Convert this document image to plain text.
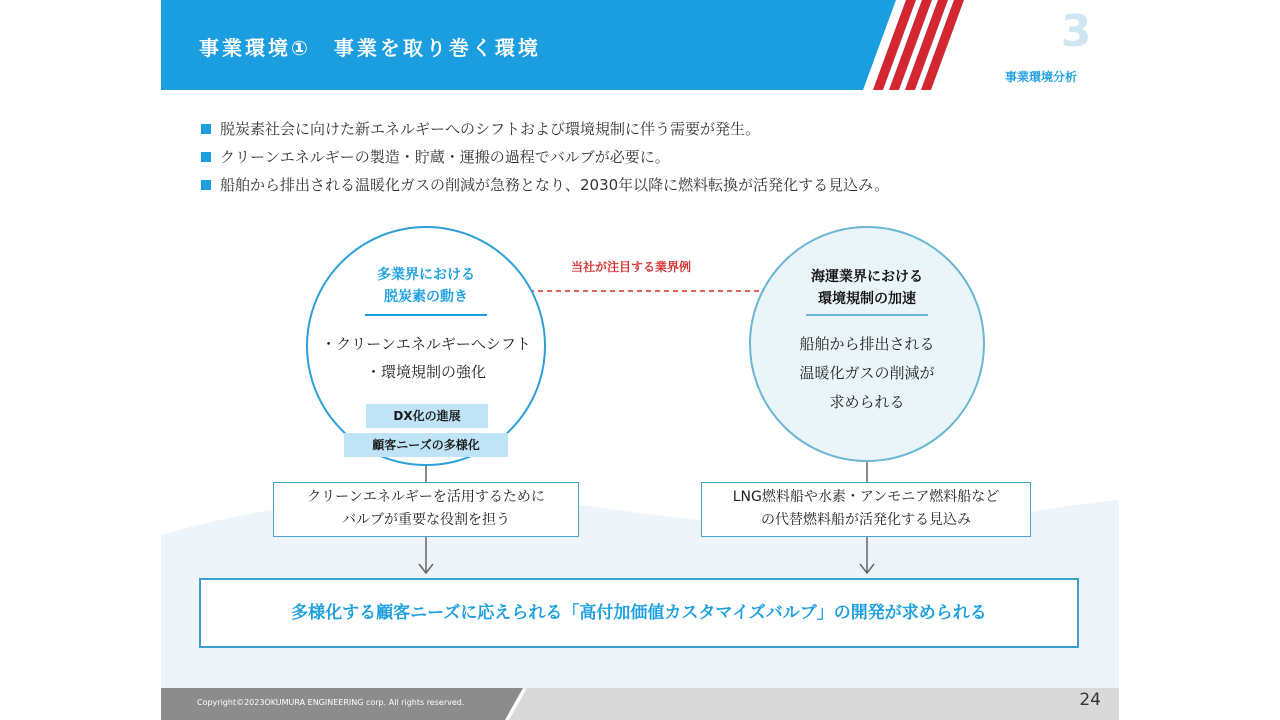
事業環境①　事業を取り巻く環境	3
事業環境分析
脱炭素社会に向けた新エネルギーへのシフトおよび環境規制に伴う需要が発生。
クリーンエネルギーの製造・貯蔵・運搬の過程でバルブが必要に。
船舶から排出される温暖化ガスの削減が急務となり、2030年以降に燃料転換が活発化する見込み。
多業界における
脱炭素の動き
・クリーンエネルギーへシフト
・環境規制の強化
DX化の進展
顧客ニーズの多様化
当社が注目する業界例
海運業界における
環境規制の加速
船舶から排出される
温暖化ガスの削減が
求められる
クリーンエネルギーを活用するために
バルブが重要な役割を担う
LNG燃料船や水素・アンモニア燃料船など
の代替燃料船が活発化する見込み
多様化する顧客ニーズに応えられる「高付加価値カスタマイズバルブ」の開発が求められる
Copyright©2023OKUMURA ENGINEERING corp. All rights reserved.	24
